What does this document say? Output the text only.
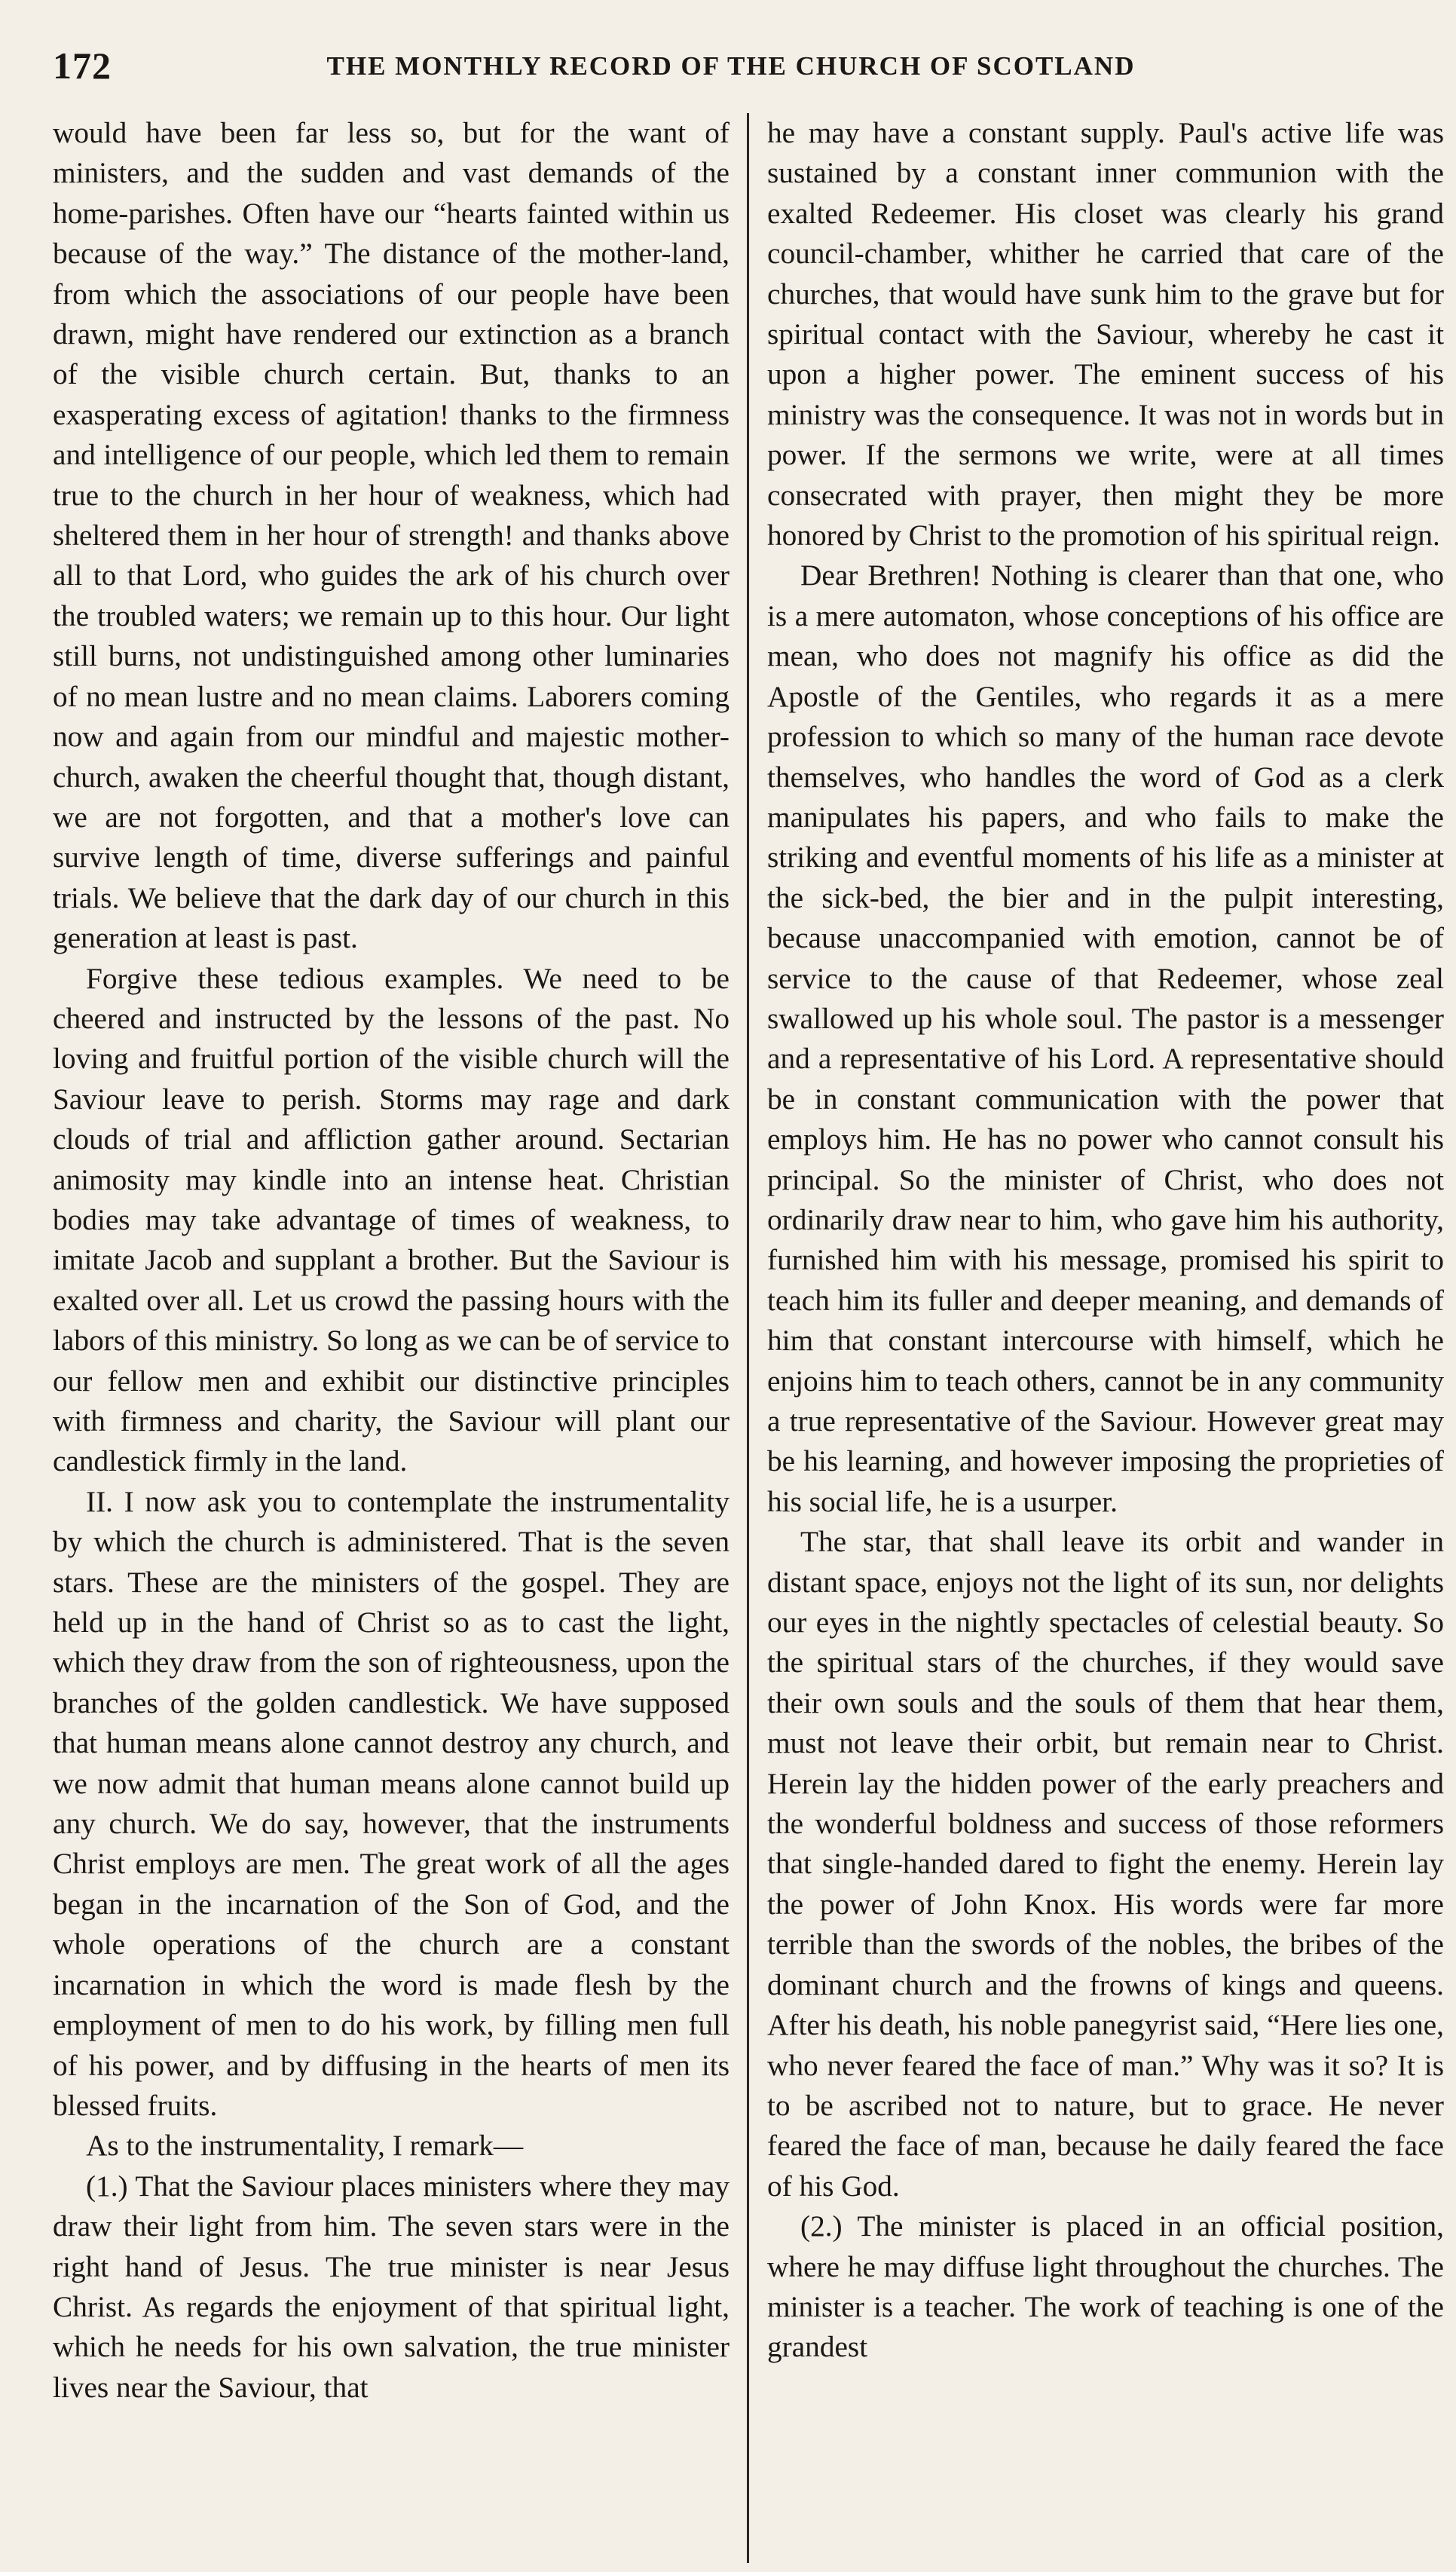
172	THE MONTHLY RECORD OF THE CHURCH OF SCOTLAND

would have been far less so, but for the want of ministers, and the sudden and vast demands of the home-parishes. Often have our “hearts fainted within us because of the way.” The distance of the mother-land, from which the associations of our people have been drawn, might have rendered our extinction as a branch of the visible church certain. But, thanks to an exasperating excess of agitation! thanks to the firmness and intelligence of our people, which led them to remain true to the church in her hour of weakness, which had sheltered them in her hour of strength! and thanks above all to that Lord, who guides the ark of his church over the troubled waters; we remain up to this hour. Our light still burns, not undistinguished among other luminaries of no mean lustre and no mean claims. Laborers coming now and again from our mindful and majestic mother-church, awaken the cheerful thought that, though distant, we are not forgotten, and that a mother's love can survive length of time, diverse sufferings and painful trials. We believe that the dark day of our church in this generation at least is past.

Forgive these tedious examples. We need to be cheered and instructed by the lessons of the past. No loving and fruitful portion of the visible church will the Saviour leave to perish. Storms may rage and dark clouds of trial and affliction gather around. Sectarian animosity may kindle into an intense heat. Christian bodies may take advantage of times of weakness, to imitate Jacob and supplant a brother. But the Saviour is exalted over all. Let us crowd the passing hours with the labors of this ministry. So long as we can be of service to our fellow men and exhibit our distinctive principles with firmness and charity, the Saviour will plant our candlestick firmly in the land.

II. I now ask you to contemplate the instrumentality by which the church is administered. That is the seven stars. These are the ministers of the gospel. They are held up in the hand of Christ so as to cast the light, which they draw from the son of righteousness, upon the branches of the golden candlestick. We have supposed that human means alone cannot destroy any church, and we now admit that human means alone cannot build up any church. We do say, however, that the instruments Christ employs are men. The great work of all the ages began in the incarnation of the Son of God, and the whole operations of the church are a constant incarnation in which the word is made flesh by the employment of men to do his work, by filling men full of his power, and by diffusing in the hearts of men its blessed fruits.

As to the instrumentality, I remark—

(1.) That the Saviour places ministers where they may draw their light from him. The seven stars were in the right hand of Jesus. The true minister is near Jesus Christ. As regards the enjoyment of that spiritual light, which he needs for his own salvation, the true minister lives near the Saviour, that

he may have a constant supply. Paul's active life was sustained by a constant inner communion with the exalted Redeemer. His closet was clearly his grand council-chamber, whither he carried that care of the churches, that would have sunk him to the grave but for spiritual contact with the Saviour, whereby he cast it upon a higher power. The eminent success of his ministry was the consequence. It was not in words but in power. If the sermons we write, were at all times consecrated with prayer, then might they be more honored by Christ to the promotion of his spiritual reign.

Dear Brethren! Nothing is clearer than that one, who is a mere automaton, whose conceptions of his office are mean, who does not magnify his office as did the Apostle of the Gentiles, who regards it as a mere profession to which so many of the human race devote themselves, who handles the word of God as a clerk manipulates his papers, and who fails to make the striking and eventful moments of his life as a minister at the sick-bed, the bier and in the pulpit interesting, because unaccompanied with emotion, cannot be of service to the cause of that Redeemer, whose zeal swallowed up his whole soul. The pastor is a messenger and a representative of his Lord. A representative should be in constant communication with the power that employs him. He has no power who cannot consult his principal. So the minister of Christ, who does not ordinarily draw near to him, who gave him his authority, furnished him with his message, promised his spirit to teach him its fuller and deeper meaning, and demands of him that constant intercourse with himself, which he enjoins him to teach others, cannot be in any community a true representative of the Saviour. However great may be his learning, and however imposing the proprieties of his social life, he is a usurper.

The star, that shall leave its orbit and wander in distant space, enjoys not the light of its sun, nor delights our eyes in the nightly spectacles of celestial beauty. So the spiritual stars of the churches, if they would save their own souls and the souls of them that hear them, must not leave their orbit, but remain near to Christ. Herein lay the hidden power of the early preachers and the wonderful boldness and success of those reformers that single-handed dared to fight the enemy. Herein lay the power of John Knox. His words were far more terrible than the swords of the nobles, the bribes of the dominant church and the frowns of kings and queens. After his death, his noble panegyrist said, “Here lies one, who never feared the face of man.” Why was it so? It is to be ascribed not to nature, but to grace. He never feared the face of man, because he daily feared the face of his God.

(2.) The minister is placed in an official position, where he may diffuse light throughout the churches. The minister is a teacher. The work of teaching is one of the grandest
